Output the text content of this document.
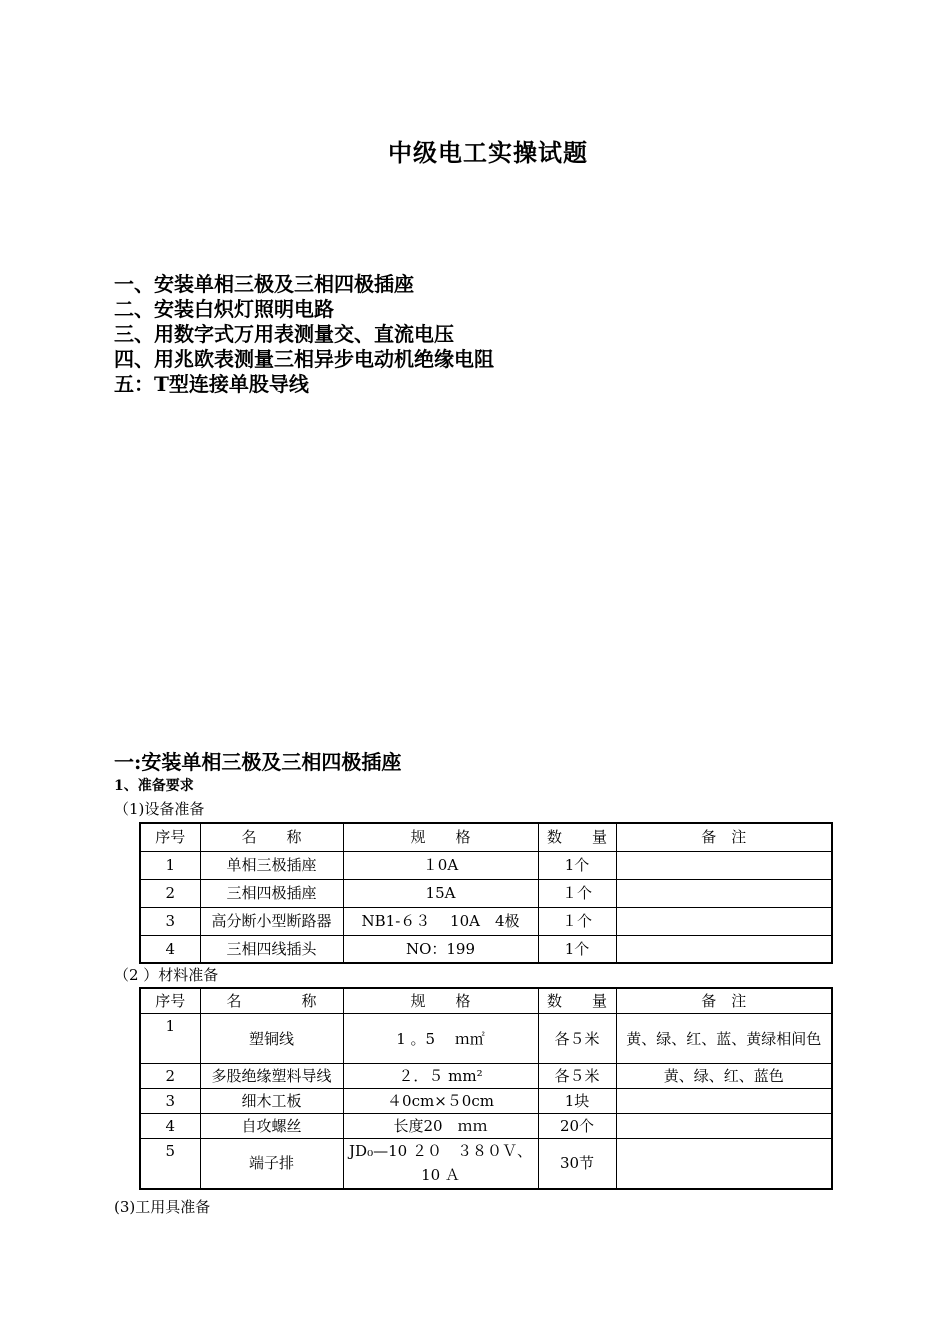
中级电工实操试题
一、安装单相三极及三相四极插座
二、安装白炽灯照明电路
三、用数字式万用表测量交、直流电压
四、用兆欧表测量三相异步电动机绝缘电阻
五：T型连接单股导线
一:安装单相三极及三相四极插座
1、准备要求
（1)设备准备
序号	名　　称	规　　格	数　　量	备　注
1	单相三极插座	１0A	1个	
2	三相四极插座	15A	１个	
3	高分断小型断路器	NB1-６３　 10A　4极	１个	
4	三相四线插头	NO：199	1个	
（2 ）材料准备
序号	名　　　　称	规　　格	数　　量	备　注
1	塑铜线	1 。5　 ｍ㎡	各５米	黄、绿、红、蓝、黄绿相间色
2	多股绝缘塑料导线	２．５ mm²	各５米	黄、绿、红、蓝色
3	细木工板	４0cm×５0cm	1块	
4	自攻螺丝	长度20　ｍｍ	20个	
5	端子排	JD₀—10 ２０　３８０Ｖ、10 Ａ	30节	
(3)工用具准备
